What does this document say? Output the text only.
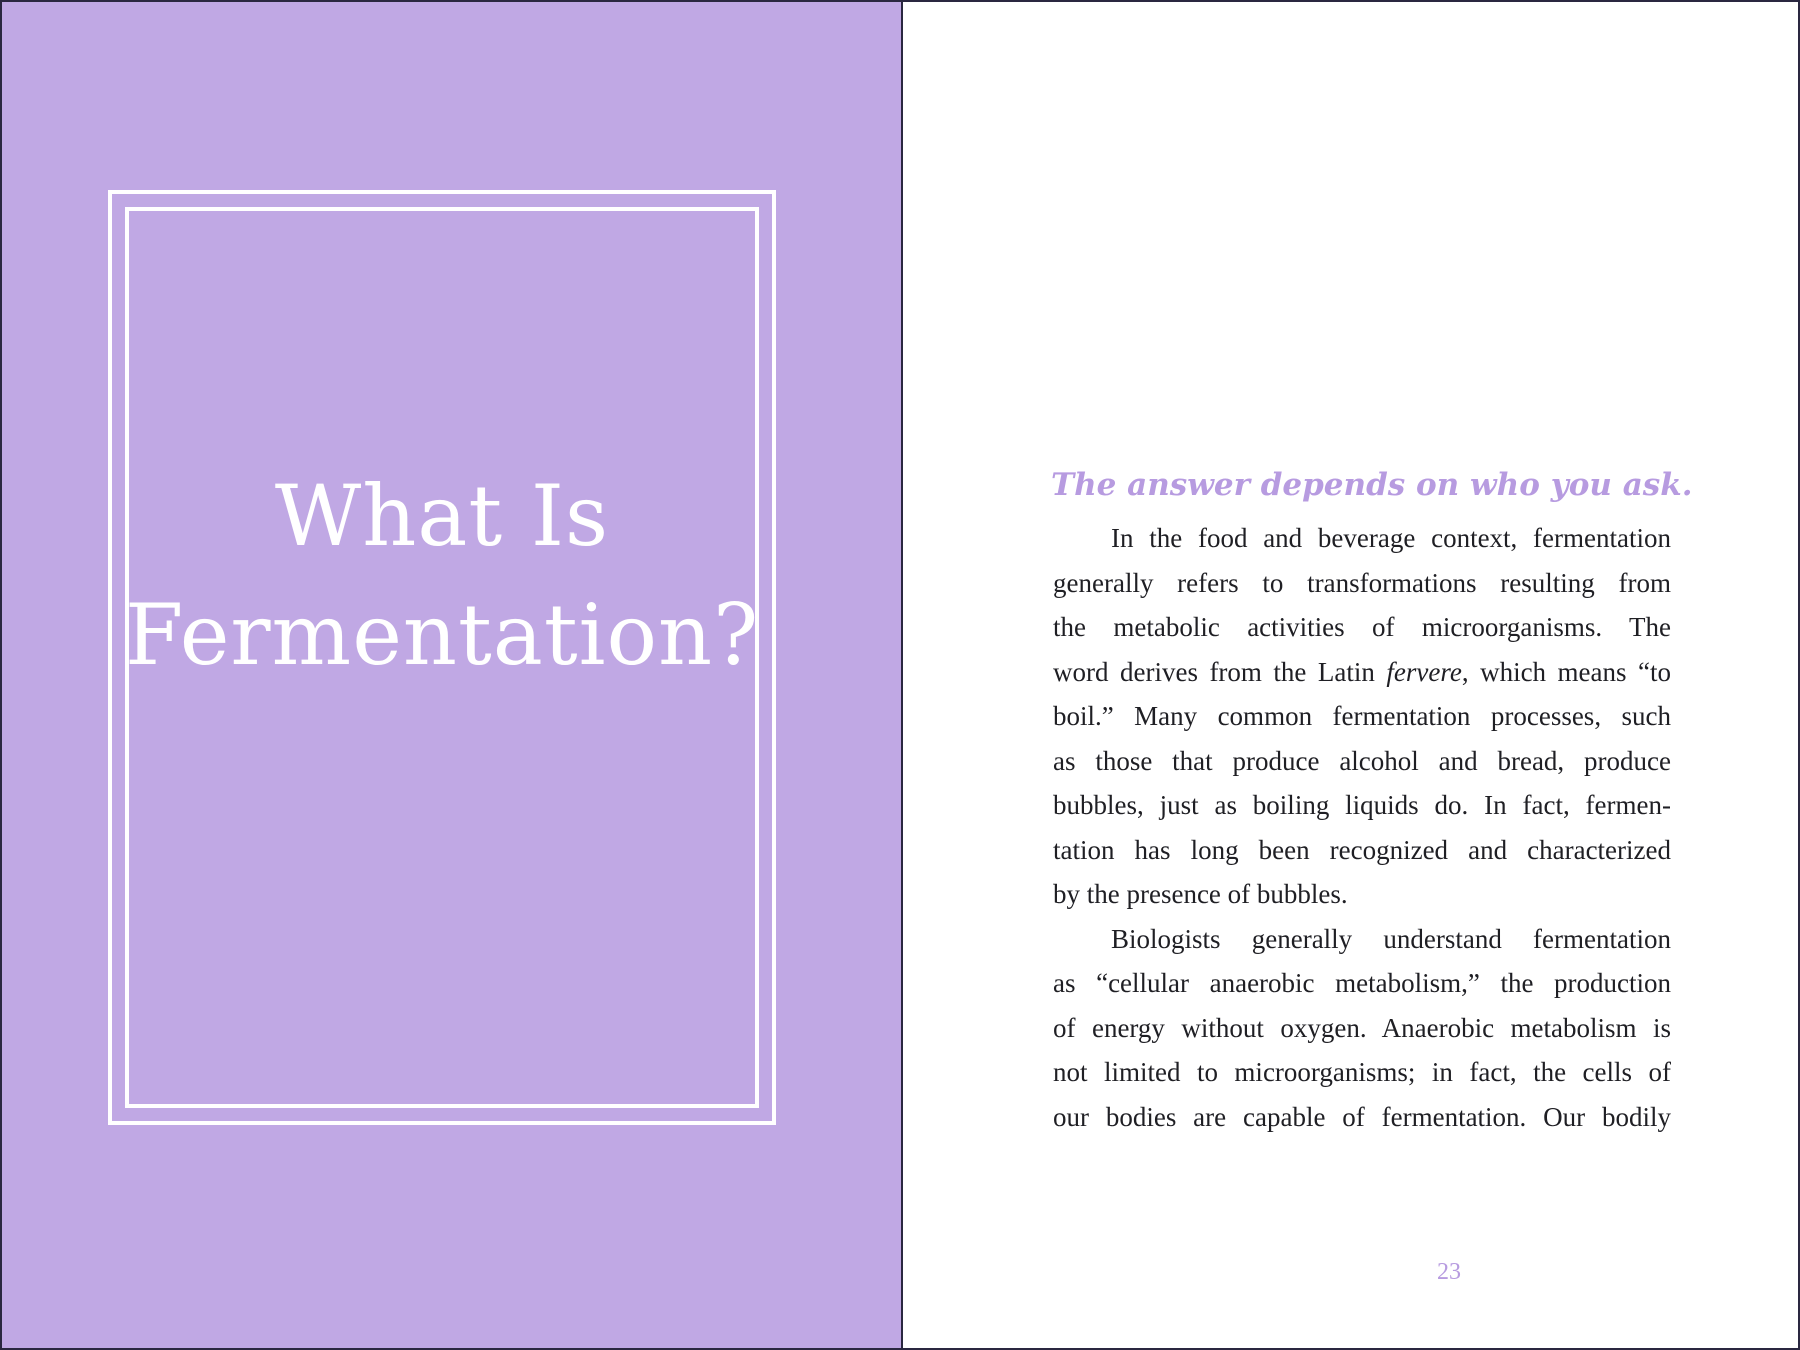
What Is
Fermentation?

The answer depends on who you ask.

In the food and beverage context, fermentation
generally refers to transformations resulting from
the metabolic activities of microorganisms. The
word derives from the Latin fervere, which means “to
boil.” Many common fermentation processes, such
as those that produce alcohol and bread, produce
bubbles, just as boiling liquids do. In fact, fermen-
tation has long been recognized and characterized
by the presence of bubbles.
Biologists generally understand fermentation
as “cellular anaerobic metabolism,” the production
of energy without oxygen. Anaerobic metabolism is
not limited to microorganisms; in fact, the cells of
our bodies are capable of fermentation. Our bodily
23
